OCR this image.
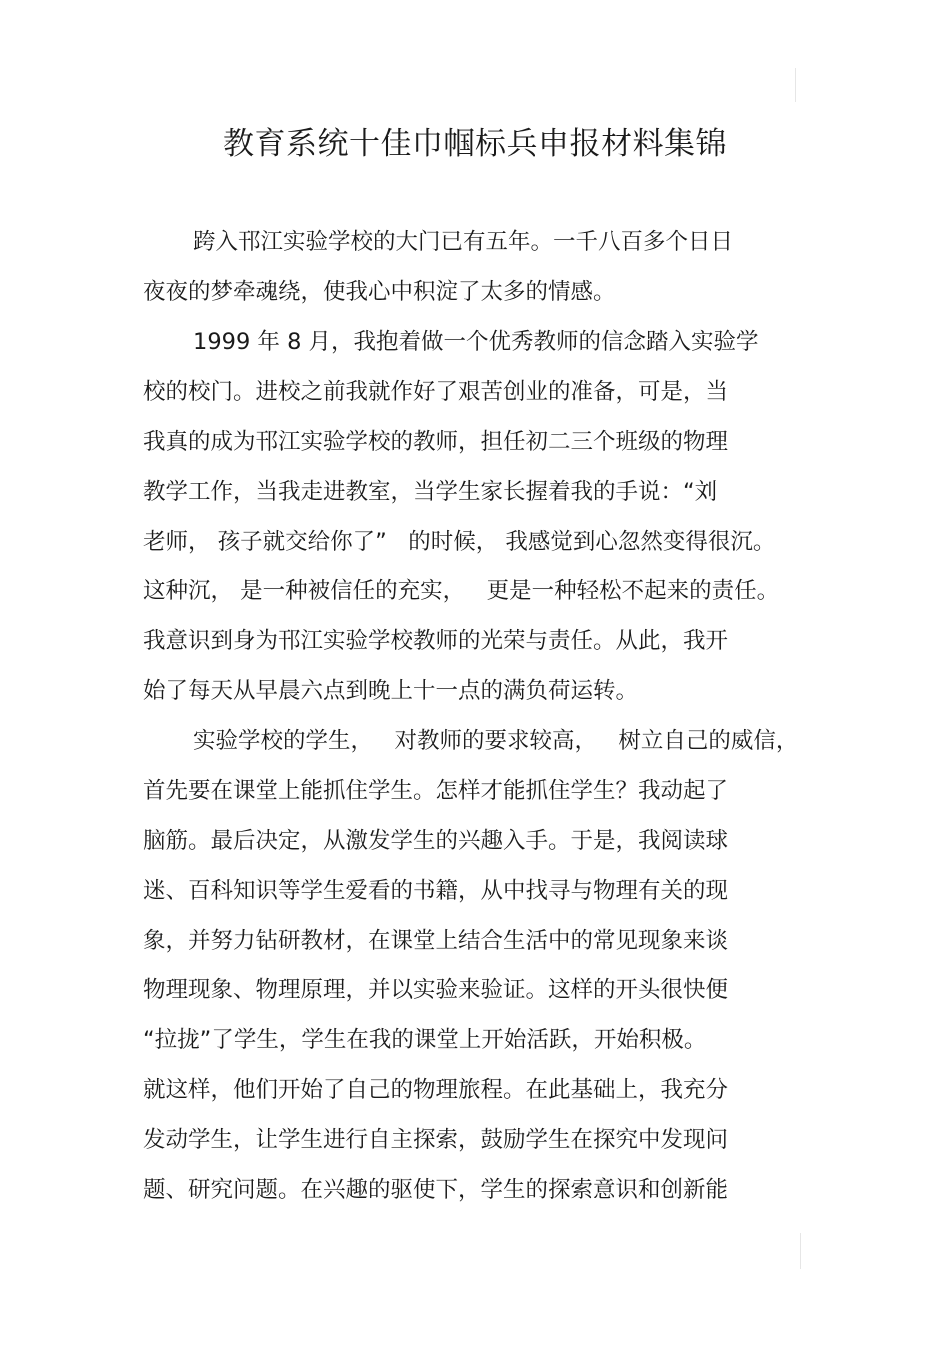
教育系统十佳巾帼标兵申报材料集锦

跨入邗江实验学校的大门已有五年。一千八百多个日日

夜夜的梦牵魂绕，使我心中积淀了太多的情感。

1999 年 8 月，我抱着做一个优秀教师的信念踏入实验学

校的校门。进校之前我就作好了艰苦创业的准备，可是，当

我真的成为邗江实验学校的教师，担任初二三个班级的物理

教学工作，当我走进教室，当学生家长握着我的手说：“刘

老师， 孩子就交给你了”   的时候， 我感觉到心忽然变得很沉。

这种沉， 是一种被信任的充实，   更是一种轻松不起来的责任。

我意识到身为邗江实验学校教师的光荣与责任。从此，我开

始了每天从早晨六点到晚上十一点的满负荷运转。

实验学校的学生，   对教师的要求较高，   树立自己的威信，

首先要在课堂上能抓住学生。怎样才能抓住学生？我动起了

脑筋。最后决定，从激发学生的兴趣入手。于是，我阅读球

迷、百科知识等学生爱看的书籍，从中找寻与物理有关的现

象，并努力钻研教材，在课堂上结合生活中的常见现象来谈

物理现象、物理原理，并以实验来验证。这样的开头很快便

“拉拢”了学生，学生在我的课堂上开始活跃，开始积极。

就这样，他们开始了自己的物理旅程。在此基础上，我充分

发动学生，让学生进行自主探索，鼓励学生在探究中发现问

题、研究问题。在兴趣的驱使下，学生的探索意识和创新能
